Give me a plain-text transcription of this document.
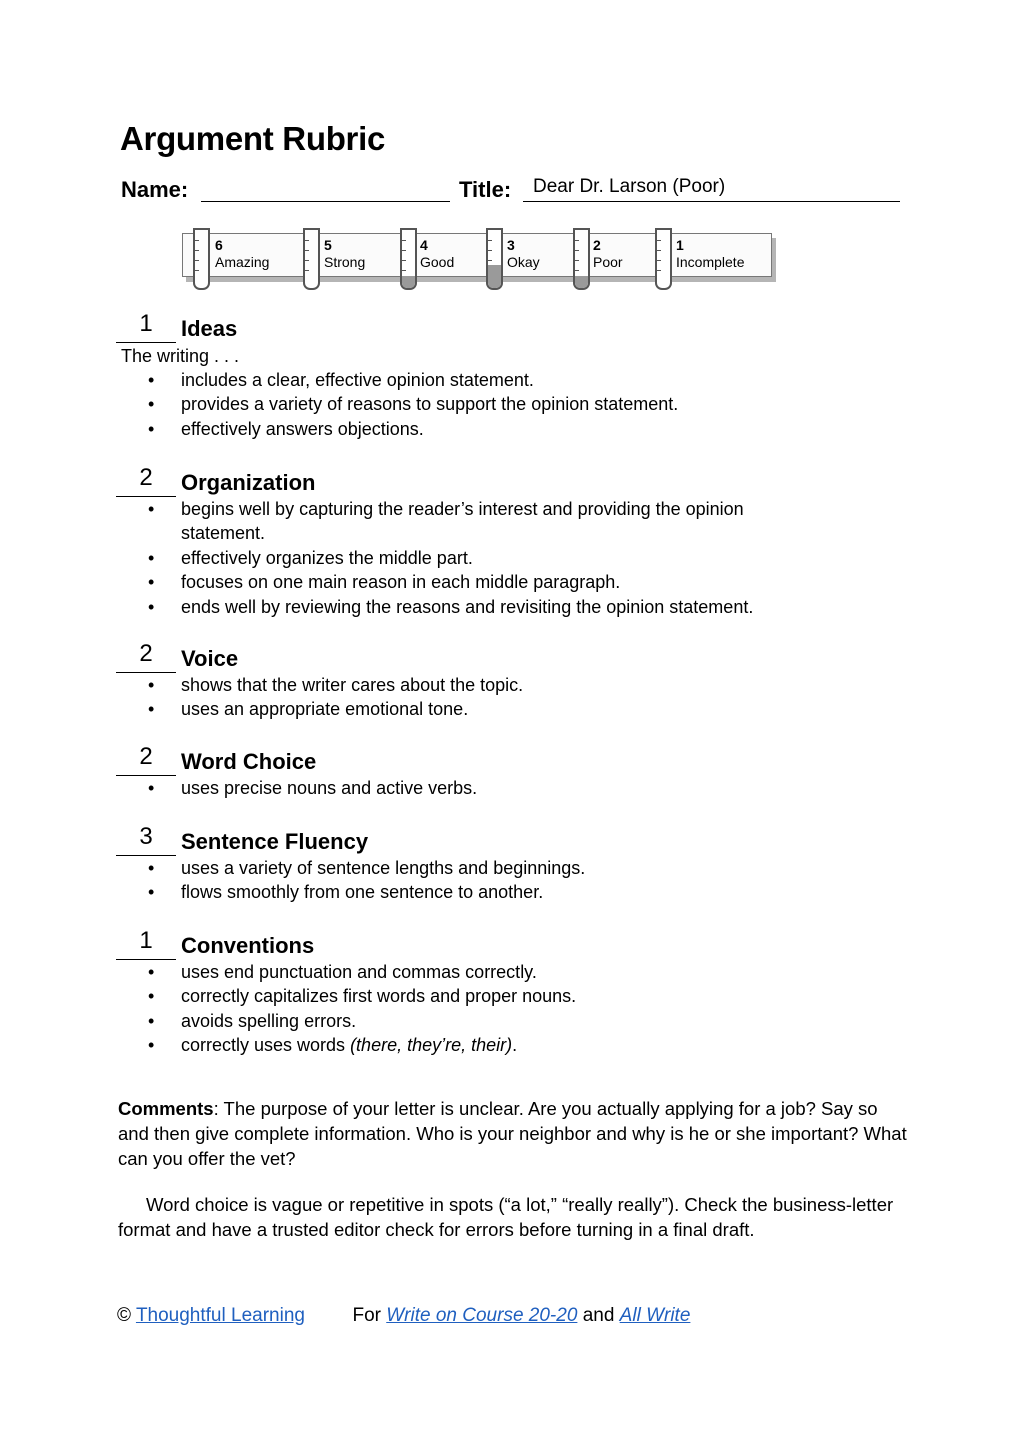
Argument Rubric
Name:	Title: Dear Dr. Larson (Poor)
6
Amazing
5
Strong
4
Good
3
Okay
2
Poor
1
Incomplete
1	Ideas
The writing . . .
• includes a clear, effective opinion statement.
• provides a variety of reasons to support the opinion statement.
• effectively answers objections.
2	Organization
• begins well by capturing the reader’s interest and providing the opinion statement.
• effectively organizes the middle part.
• focuses on one main reason in each middle paragraph.
• ends well by reviewing the reasons and revisiting the opinion statement.
2	Voice
• shows that the writer cares about the topic.
• uses an appropriate emotional tone.
2	Word Choice
• uses precise nouns and active verbs.
3	Sentence Fluency
• uses a variety of sentence lengths and beginnings.
• flows smoothly from one sentence to another.
1	Conventions
• uses end punctuation and commas correctly.
• correctly capitalizes first words and proper nouns.
• avoids spelling errors.
• correctly uses words (there, they’re, their).
Comments: The purpose of your letter is unclear. Are you actually applying for a job? Say so and then give complete information. Who is your neighbor and why is he or she important? What can you offer the vet?
Word choice is vague or repetitive in spots (“a lot,” “really really”). Check the business-letter format and have a trusted editor check for errors before turning in a final draft.
© Thoughtful Learning	For Write on Course 20-20 and All Write
